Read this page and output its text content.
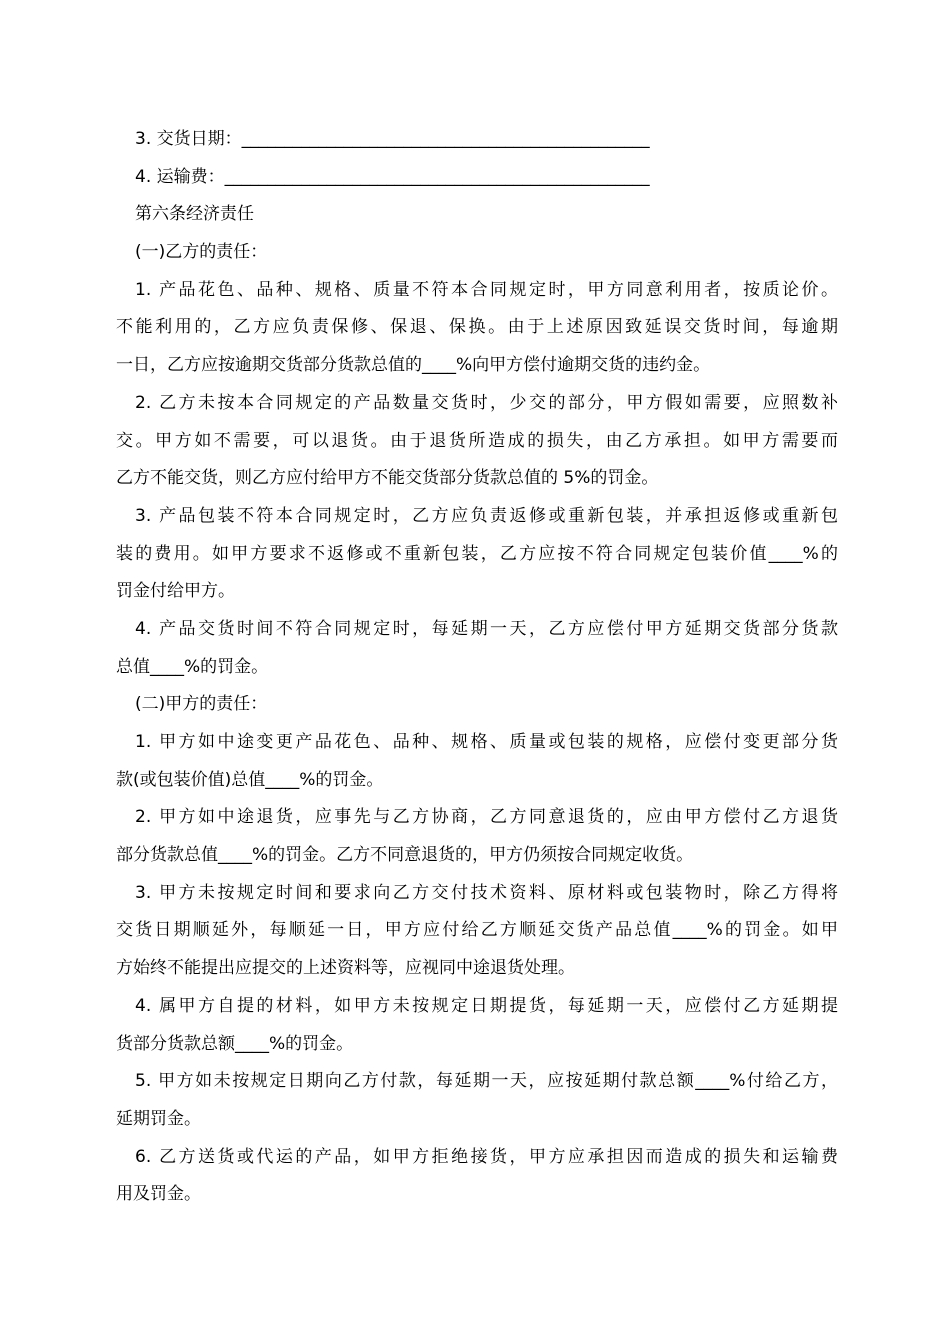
3. 交货日期：________________________________________________
4. 运输费：__________________________________________________
第六条经济责任
(一)乙方的责任：
1. 产品花色、品种、规格、质量不符本合同规定时，甲方同意利用者，按质论价。
不能利用的，乙方应负责保修、保退、保换。由于上述原因致延误交货时间，每逾期
一日，乙方应按逾期交货部分货款总值的____%向甲方偿付逾期交货的违约金。
2. 乙方未按本合同规定的产品数量交货时，少交的部分，甲方假如需要，应照数补
交。甲方如不需要，可以退货。由于退货所造成的损失，由乙方承担。如甲方需要而
乙方不能交货，则乙方应付给甲方不能交货部分货款总值的 5%的罚金。
3. 产品包装不符本合同规定时，乙方应负责返修或重新包装，并承担返修或重新包
装的费用。如甲方要求不返修或不重新包装，乙方应按不符合同规定包装价值____%的
罚金付给甲方。
4. 产品交货时间不符合同规定时，每延期一天，乙方应偿付甲方延期交货部分货款
总值____%的罚金。
(二)甲方的责任：
1. 甲方如中途变更产品花色、品种、规格、质量或包装的规格，应偿付变更部分货
款(或包装价值)总值____%的罚金。
2. 甲方如中途退货，应事先与乙方协商，乙方同意退货的，应由甲方偿付乙方退货
部分货款总值____%的罚金。乙方不同意退货的，甲方仍须按合同规定收货。
3. 甲方未按规定时间和要求向乙方交付技术资料、原材料或包装物时，除乙方得将
交货日期顺延外，每顺延一日，甲方应付给乙方顺延交货产品总值____%的罚金。如甲
方始终不能提出应提交的上述资料等，应视同中途退货处理。
4. 属甲方自提的材料，如甲方未按规定日期提货，每延期一天，应偿付乙方延期提
货部分货款总额____%的罚金。
5. 甲方如未按规定日期向乙方付款，每延期一天，应按延期付款总额____%付给乙方，
延期罚金。
6. 乙方送货或代运的产品，如甲方拒绝接货，甲方应承担因而造成的损失和运输费
用及罚金。
